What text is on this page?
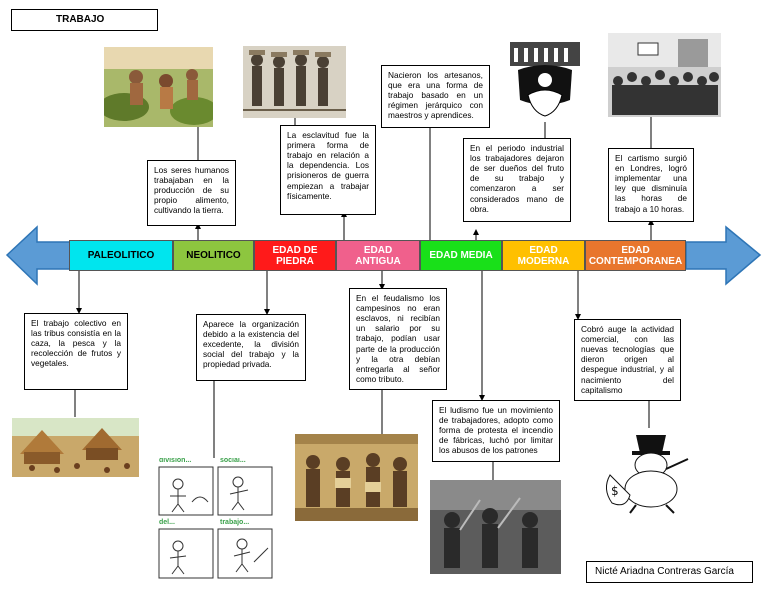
TRABAJO
Nicté Ariadna Contreras García
PALEOLITICO	NEOLITICO	EDAD DE PIEDRA
EDAD ANTIGUA	EDAD MEDIA	EDAD MODERNA
EDAD CONTEMPORANEA
Los seres humanos trabajaban en la producción de su propio alimento, cultivando la tierra.
La esclavitud fue la primera forma de trabajo en relación a la dependencia. Los prisioneros de guerra empiezan a trabajar físicamente.
Nacieron los artesanos, que era una forma de trabajo basado en un régimen jerárquico con maestros y aprendices.
En el periodo industrial los trabajadores dejaron de ser dueños del fruto de su trabajo y comenzaron a ser considerados mano de obra.
El cartismo surgió en Londres, logró implementar una ley que disminuía las horas de trabajo a 10 horas.
El trabajo colectivo en las tribus consistía en la caza, la pesca y la recolección de frutos y vegetales.
Aparece la organización debido a la existencia del excedente, la división social del trabajo y la propiedad privada.
En el feudalismo los campesinos no eran esclavos, ni recibían un salario por su trabajo, podían usar parte de la producción y la otra debían entregarla al señor como tributo.
El ludismo fue un movimiento de trabajadores, adopto como forma de protesta el incendio de fábricas, luchó por limitar los abusos de los patrones
Cobró auge la actividad comercial, con las nuevas tecnologías que dieron origen al despegue industrial, y al nacimiento del capitalismo
división...	social...
del...	trabajo...
$
